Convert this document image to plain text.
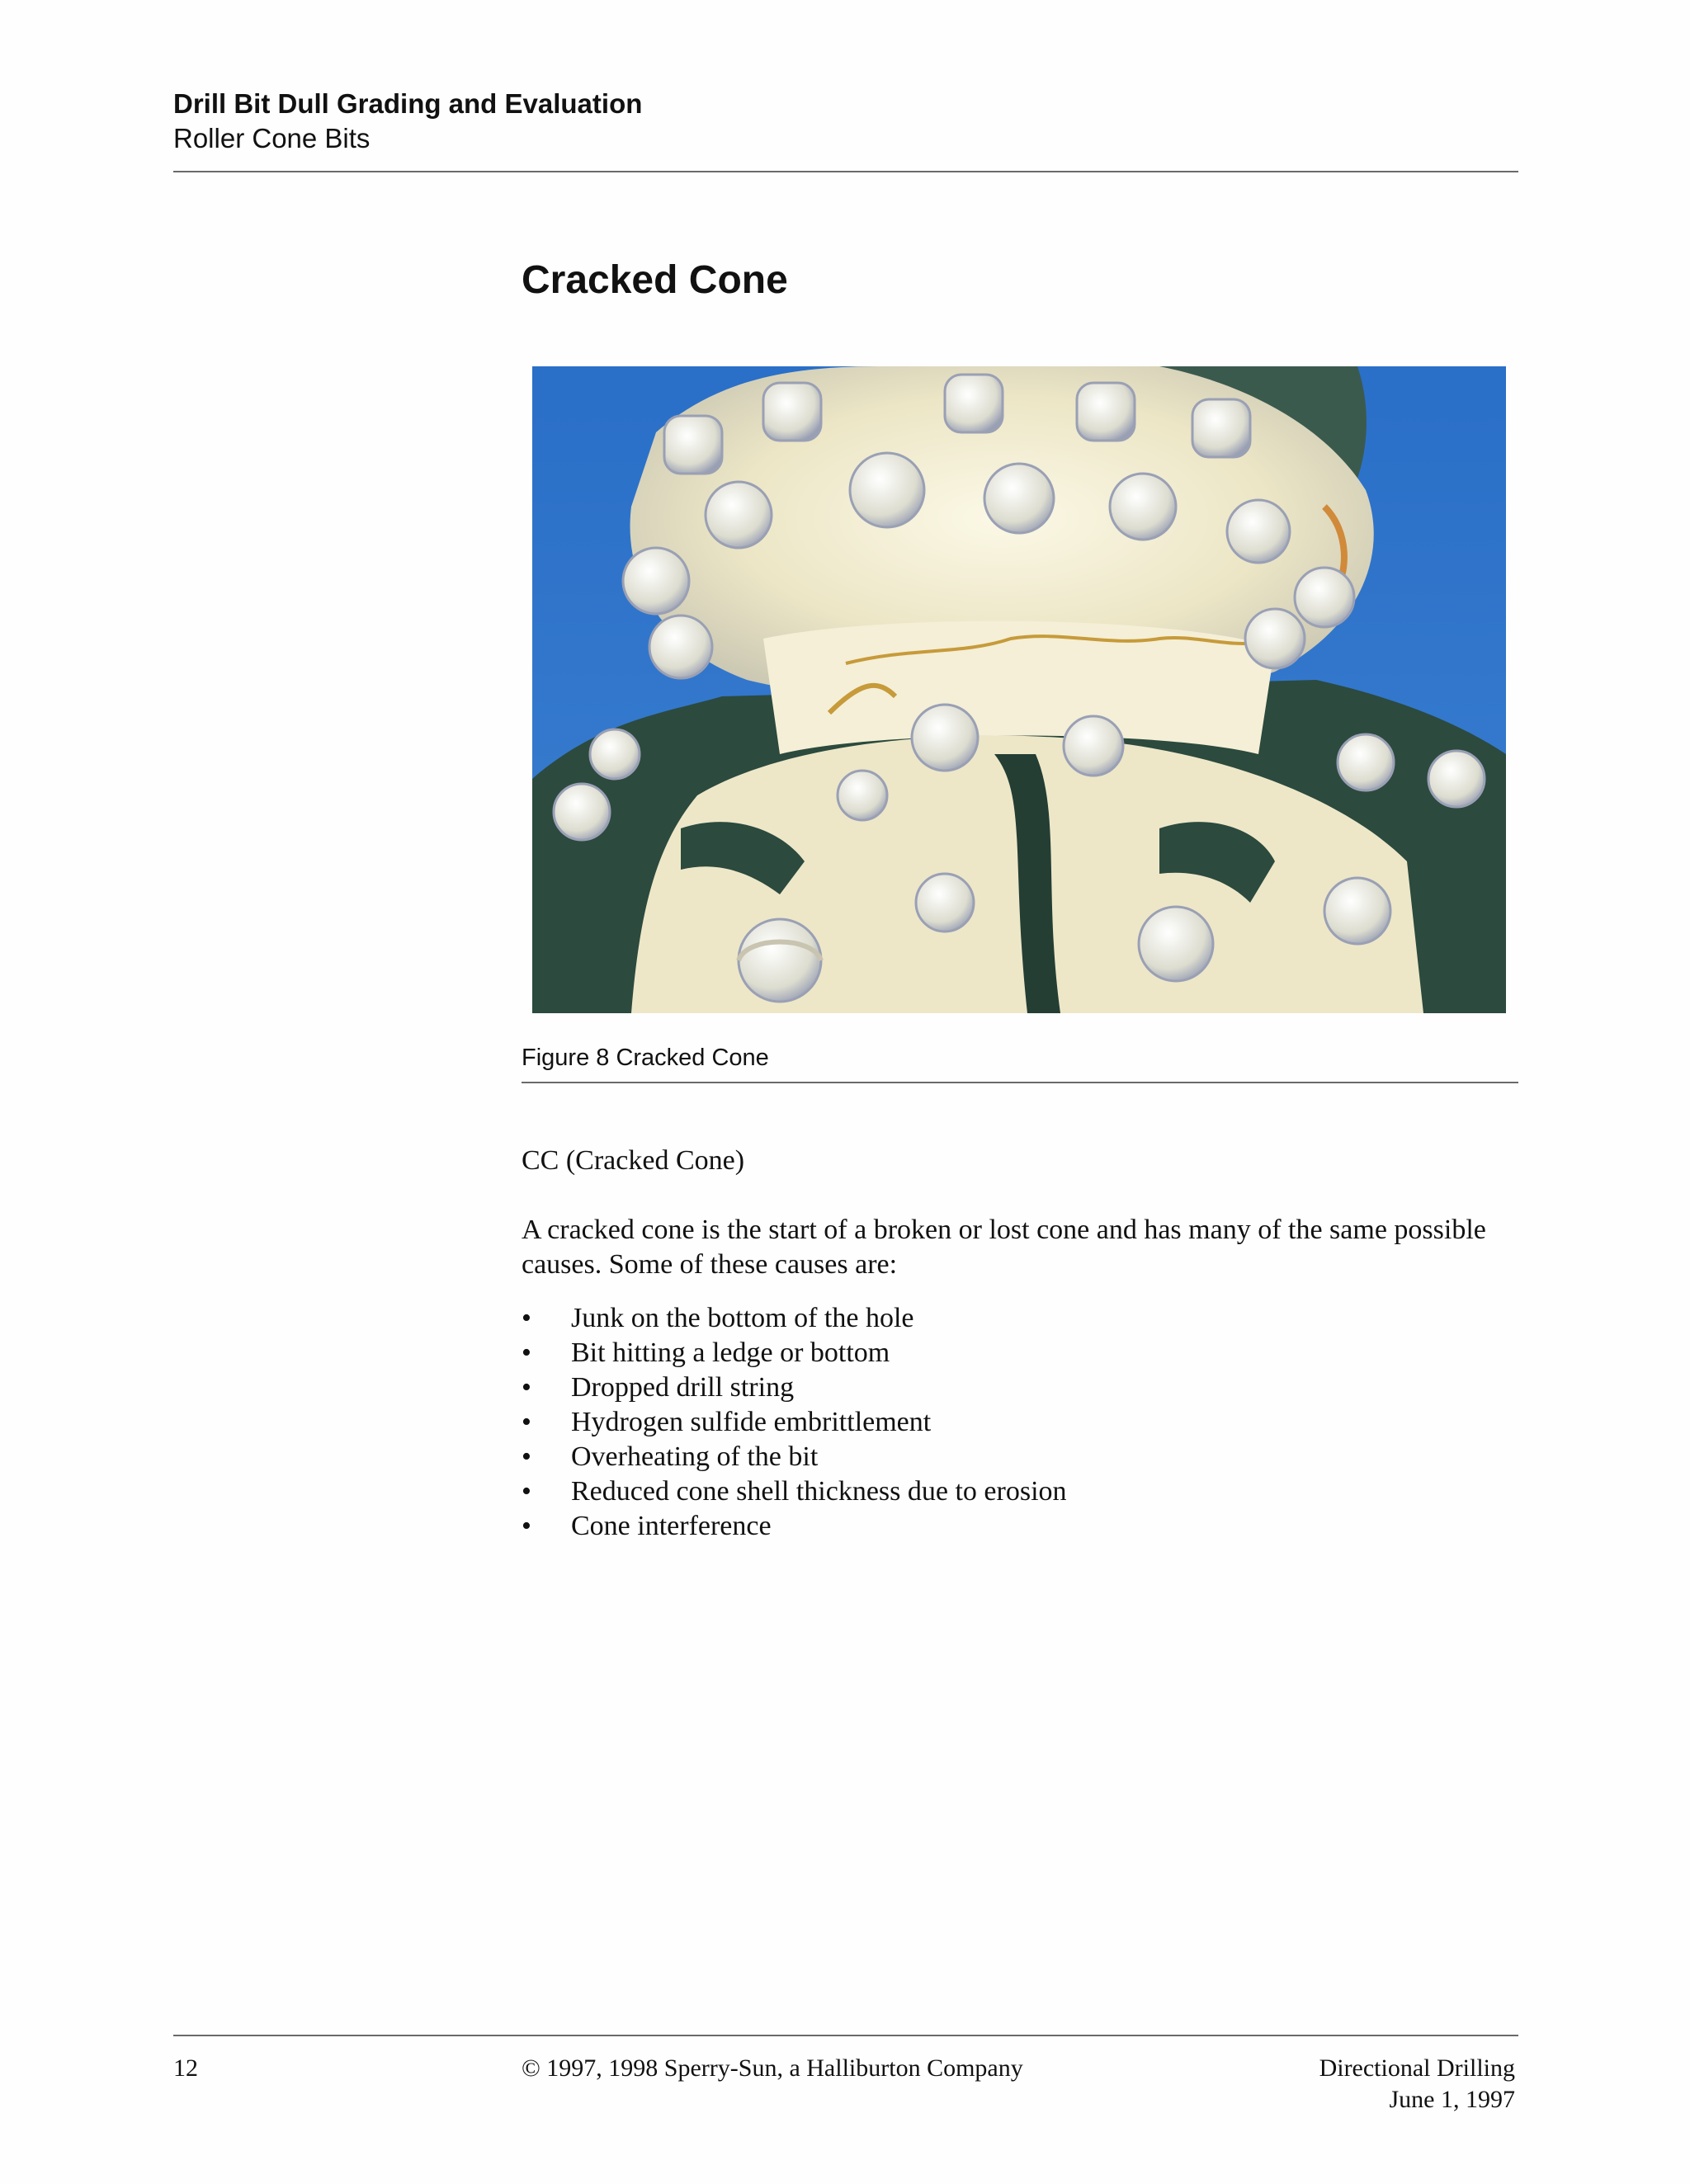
Drill Bit Dull Grading and Evaluation
Roller Cone Bits
Cracked Cone
Figure 8 Cracked Cone

CC (Cracked Cone)

A cracked cone is the start of a broken or lost cone and has many of the same possible causes. Some of these causes are:

• Junk on the bottom of the hole
• Bit hitting a ledge or bottom
• Dropped drill string
• Hydrogen sulfide embrittlement
• Overheating of the bit
• Reduced cone shell thickness due to erosion
• Cone interference
12	© 1997, 1998 Sperry-Sun, a Halliburton Company	Directional Drilling
June 1, 1997
